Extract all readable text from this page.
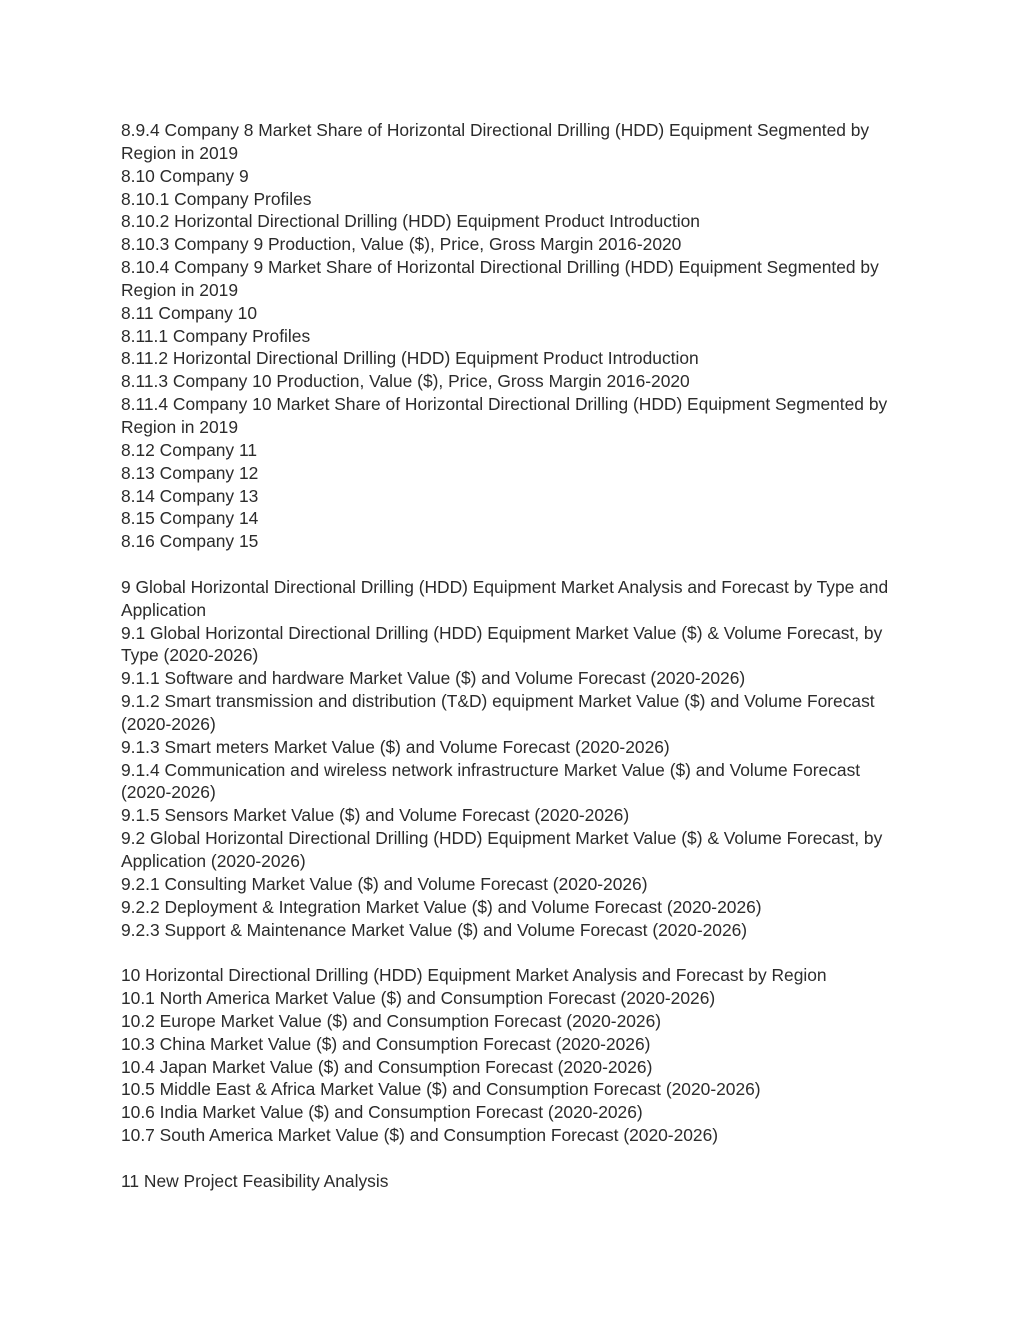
8.9.4 Company 8 Market Share of Horizontal Directional Drilling (HDD) Equipment Segmented by Region in 2019
8.10 Company 9
8.10.1 Company Profiles
8.10.2 Horizontal Directional Drilling (HDD) Equipment Product Introduction
8.10.3 Company 9 Production, Value ($), Price, Gross Margin 2016-2020
8.10.4 Company 9 Market Share of Horizontal Directional Drilling (HDD) Equipment Segmented by Region in 2019
8.11 Company 10
8.11.1 Company Profiles
8.11.2 Horizontal Directional Drilling (HDD) Equipment Product Introduction
8.11.3 Company 10 Production, Value ($), Price, Gross Margin 2016-2020
8.11.4 Company 10 Market Share of Horizontal Directional Drilling (HDD) Equipment Segmented by Region in 2019
8.12 Company 11
8.13 Company 12
8.14 Company 13
8.15 Company 14
8.16 Company 15
9 Global Horizontal Directional Drilling (HDD) Equipment Market Analysis and Forecast by Type and Application
9.1 Global Horizontal Directional Drilling (HDD) Equipment Market Value ($) & Volume Forecast, by Type (2020-2026)
9.1.1 Software and hardware Market Value ($) and Volume Forecast (2020-2026)
9.1.2 Smart transmission and distribution (T&D) equipment Market Value ($) and Volume Forecast (2020-2026)
9.1.3 Smart meters Market Value ($) and Volume Forecast (2020-2026)
9.1.4 Communication and wireless network infrastructure Market Value ($) and Volume Forecast (2020-2026)
9.1.5 Sensors Market Value ($) and Volume Forecast (2020-2026)
9.2 Global Horizontal Directional Drilling (HDD) Equipment Market Value ($) & Volume Forecast, by Application (2020-2026)
9.2.1 Consulting Market Value ($) and Volume Forecast (2020-2026)
9.2.2 Deployment & Integration Market Value ($) and Volume Forecast (2020-2026)
9.2.3 Support & Maintenance Market Value ($) and Volume Forecast (2020-2026)
10 Horizontal Directional Drilling (HDD) Equipment Market Analysis and Forecast by Region
10.1 North America Market Value ($) and Consumption Forecast (2020-2026)
10.2 Europe Market Value ($) and Consumption Forecast (2020-2026)
10.3 China Market Value ($) and Consumption Forecast (2020-2026)
10.4 Japan Market Value ($) and Consumption Forecast (2020-2026)
10.5 Middle East & Africa Market Value ($) and Consumption Forecast (2020-2026)
10.6 India Market Value ($) and Consumption Forecast (2020-2026)
10.7 South America Market Value ($) and Consumption Forecast (2020-2026)
11 New Project Feasibility Analysis
